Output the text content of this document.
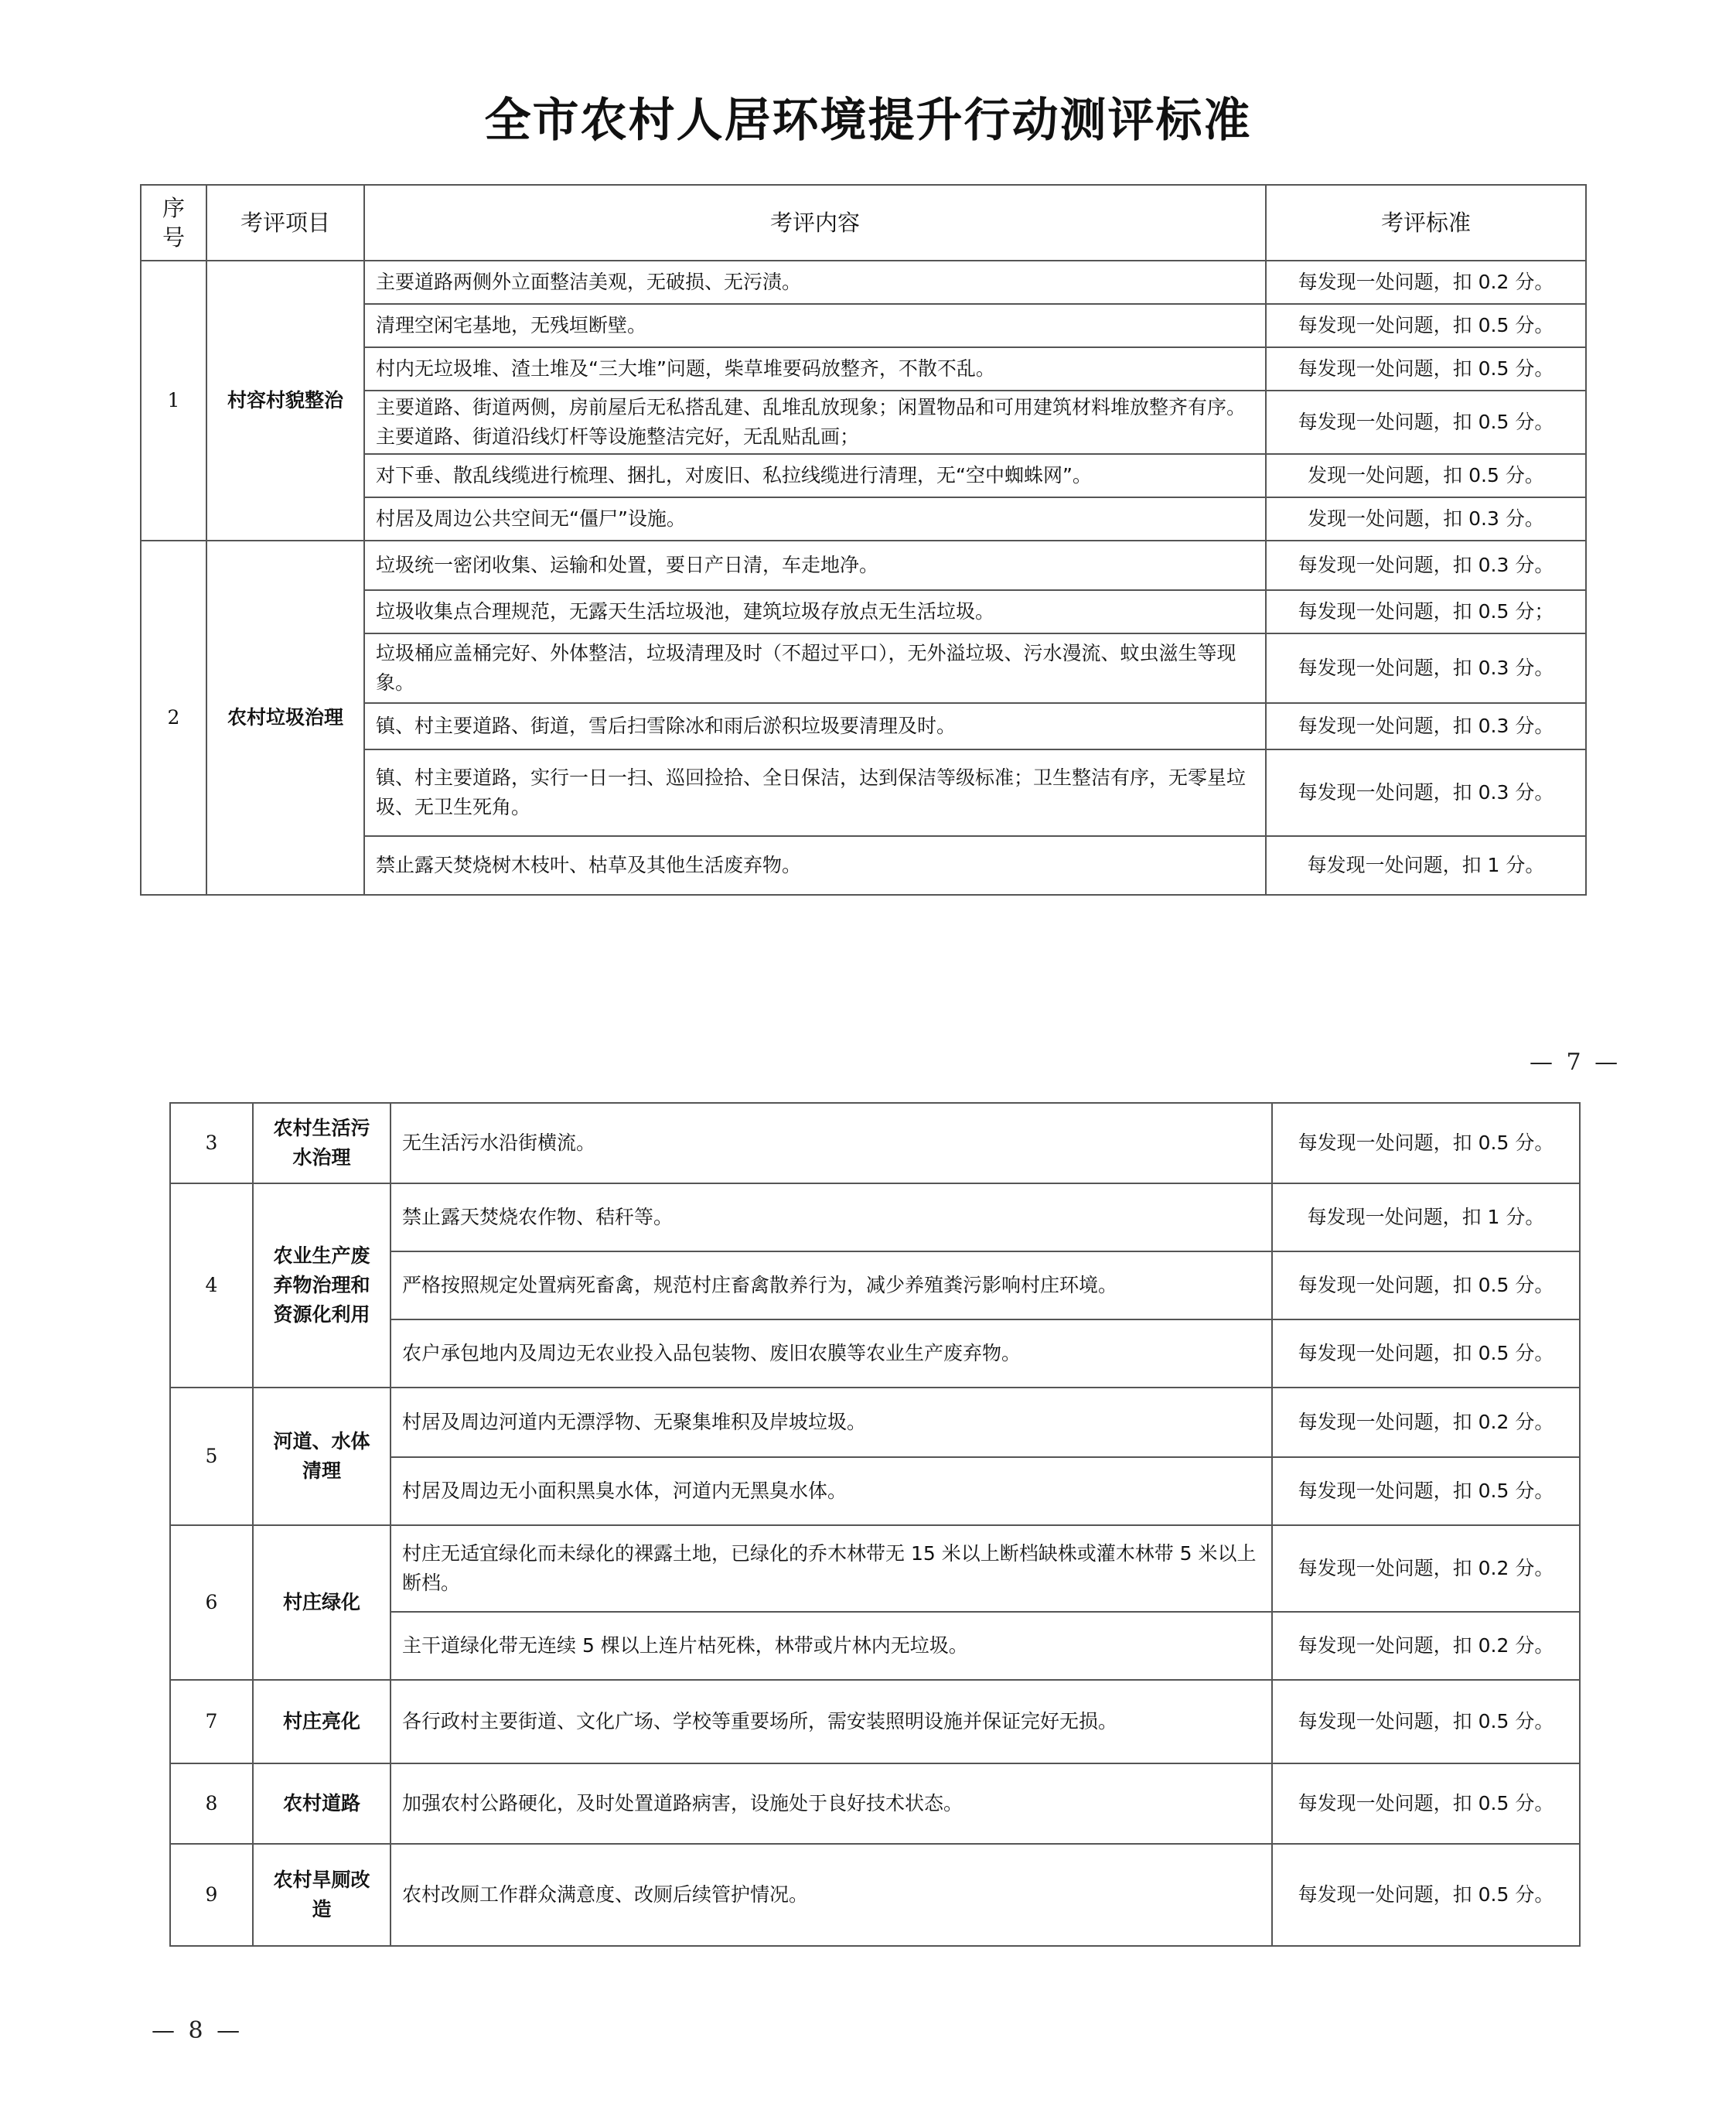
全市农村人居环境提升行动测评标准
序号	考评项目	考评内容	考评标准
1	村容村貌整治	主要道路两侧外立面整洁美观，无破损、无污渍。	每发现一处问题，扣 0.2 分。
		清理空闲宅基地，无残垣断壁。	每发现一处问题，扣 0.5 分。
		村内无垃圾堆、渣土堆及“三大堆”问题，柴草堆要码放整齐，不散不乱。	每发现一处问题，扣 0.5 分。
		主要道路、街道两侧，房前屋后无私搭乱建、乱堆乱放现象；闲置物品和可用建筑材料堆放整齐有序。主要道路、街道沿线灯杆等设施整洁完好，无乱贴乱画；	每发现一处问题，扣 0.5 分。
		对下垂、散乱线缆进行梳理、捆扎，对废旧、私拉线缆进行清理，无“空中蜘蛛网”。	发现一处问题，扣 0.5 分。
		村居及周边公共空间无“僵尸”设施。	发现一处问题，扣 0.3 分。
2	农村垃圾治理	垃圾统一密闭收集、运输和处置，要日产日清，车走地净。	每发现一处问题，扣 0.3 分。
		垃圾收集点合理规范，无露天生活垃圾池，建筑垃圾存放点无生活垃圾。	每发现一处问题，扣 0.5 分；
		垃圾桶应盖桶完好、外体整洁，垃圾清理及时（不超过平口），无外溢垃圾、污水漫流、蚊虫滋生等现象。	每发现一处问题，扣 0.3 分。
		镇、村主要道路、街道，雪后扫雪除冰和雨后淤积垃圾要清理及时。	每发现一处问题，扣 0.3 分。
		镇、村主要道路，实行一日一扫、巡回捡拾、全日保洁，达到保洁等级标准；卫生整洁有序，无零星垃圾、无卫生死角。	每发现一处问题，扣 0.3 分。
		禁止露天焚烧树木枝叶、枯草及其他生活废弃物。	每发现一处问题，扣 1 分。
— 7 —
3	农村生活污水治理	无生活污水沿街横流。	每发现一处问题，扣 0.5 分。
4	农业生产废弃物治理和资源化利用	禁止露天焚烧农作物、秸秆等。	每发现一处问题，扣 1 分。
		严格按照规定处置病死畜禽，规范村庄畜禽散养行为，减少养殖粪污影响村庄环境。	每发现一处问题，扣 0.5 分。
		农户承包地内及周边无农业投入品包装物、废旧农膜等农业生产废弃物。	每发现一处问题，扣 0.5 分。
5	河道、水体清理	村居及周边河道内无漂浮物、无聚集堆积及岸坡垃圾。	每发现一处问题，扣 0.2 分。
		村居及周边无小面积黑臭水体，河道内无黑臭水体。	每发现一处问题，扣 0.5 分。
6	村庄绿化	村庄无适宜绿化而未绿化的裸露土地，已绿化的乔木林带无 15 米以上断档缺株或灌木林带 5 米以上断档。	每发现一处问题，扣 0.2 分。
		主干道绿化带无连续 5 棵以上连片枯死株，林带或片林内无垃圾。	每发现一处问题，扣 0.2 分。
7	村庄亮化	各行政村主要街道、文化广场、学校等重要场所，需安装照明设施并保证完好无损。	每发现一处问题，扣 0.5 分。
8	农村道路	加强农村公路硬化，及时处置道路病害，设施处于良好技术状态。	每发现一处问题，扣 0.5 分。
9	农村旱厕改造	农村改厕工作群众满意度、改厕后续管护情况。	每发现一处问题，扣 0.5 分。
— 8 —
